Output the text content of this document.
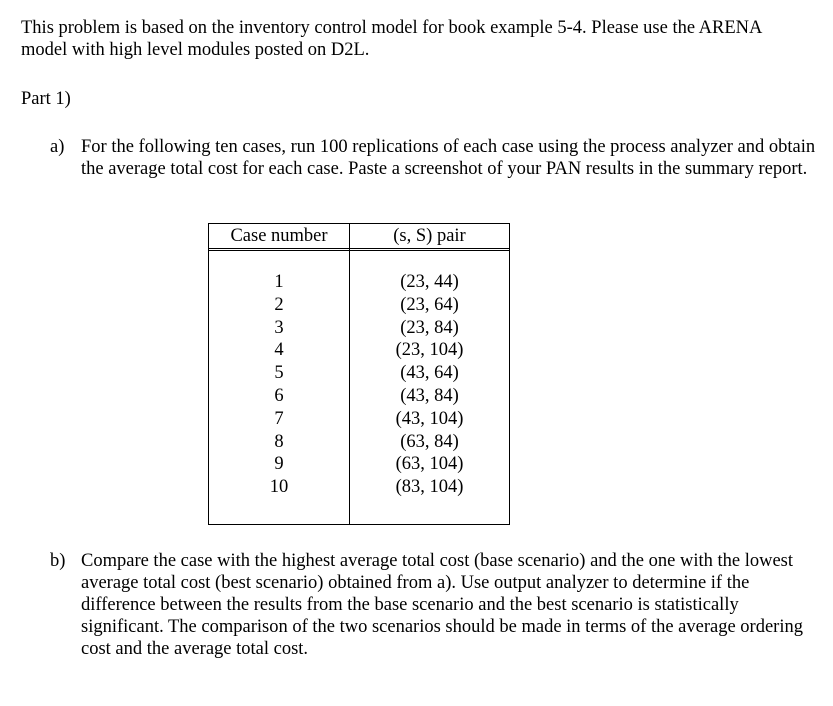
This problem is based on the inventory control model for book example 5-4. Please use the ARENA model with high level modules posted on D2L.

Part 1)

a) For the following ten cases, run 100 replications of each case using the process analyzer and obtain the average total cost for each case. Paste a screenshot of your PAN results in the summary report.

Case number	(s, S) pair
1
2
3
4
5
6
7
8
9
10
(23, 44)
(23, 64)
(23, 84)
(23, 104)
(43, 64)
(43, 84)
(43, 104)
(63, 84)
(63, 104)
(83, 104)
b) Compare the case with the highest average total cost (base scenario) and the one with the lowest average total cost (best scenario) obtained from a). Use output analyzer to determine if the difference between the results from the base scenario and the best scenario is statistically significant. The comparison of the two scenarios should be made in terms of the average ordering cost and the average total cost.
